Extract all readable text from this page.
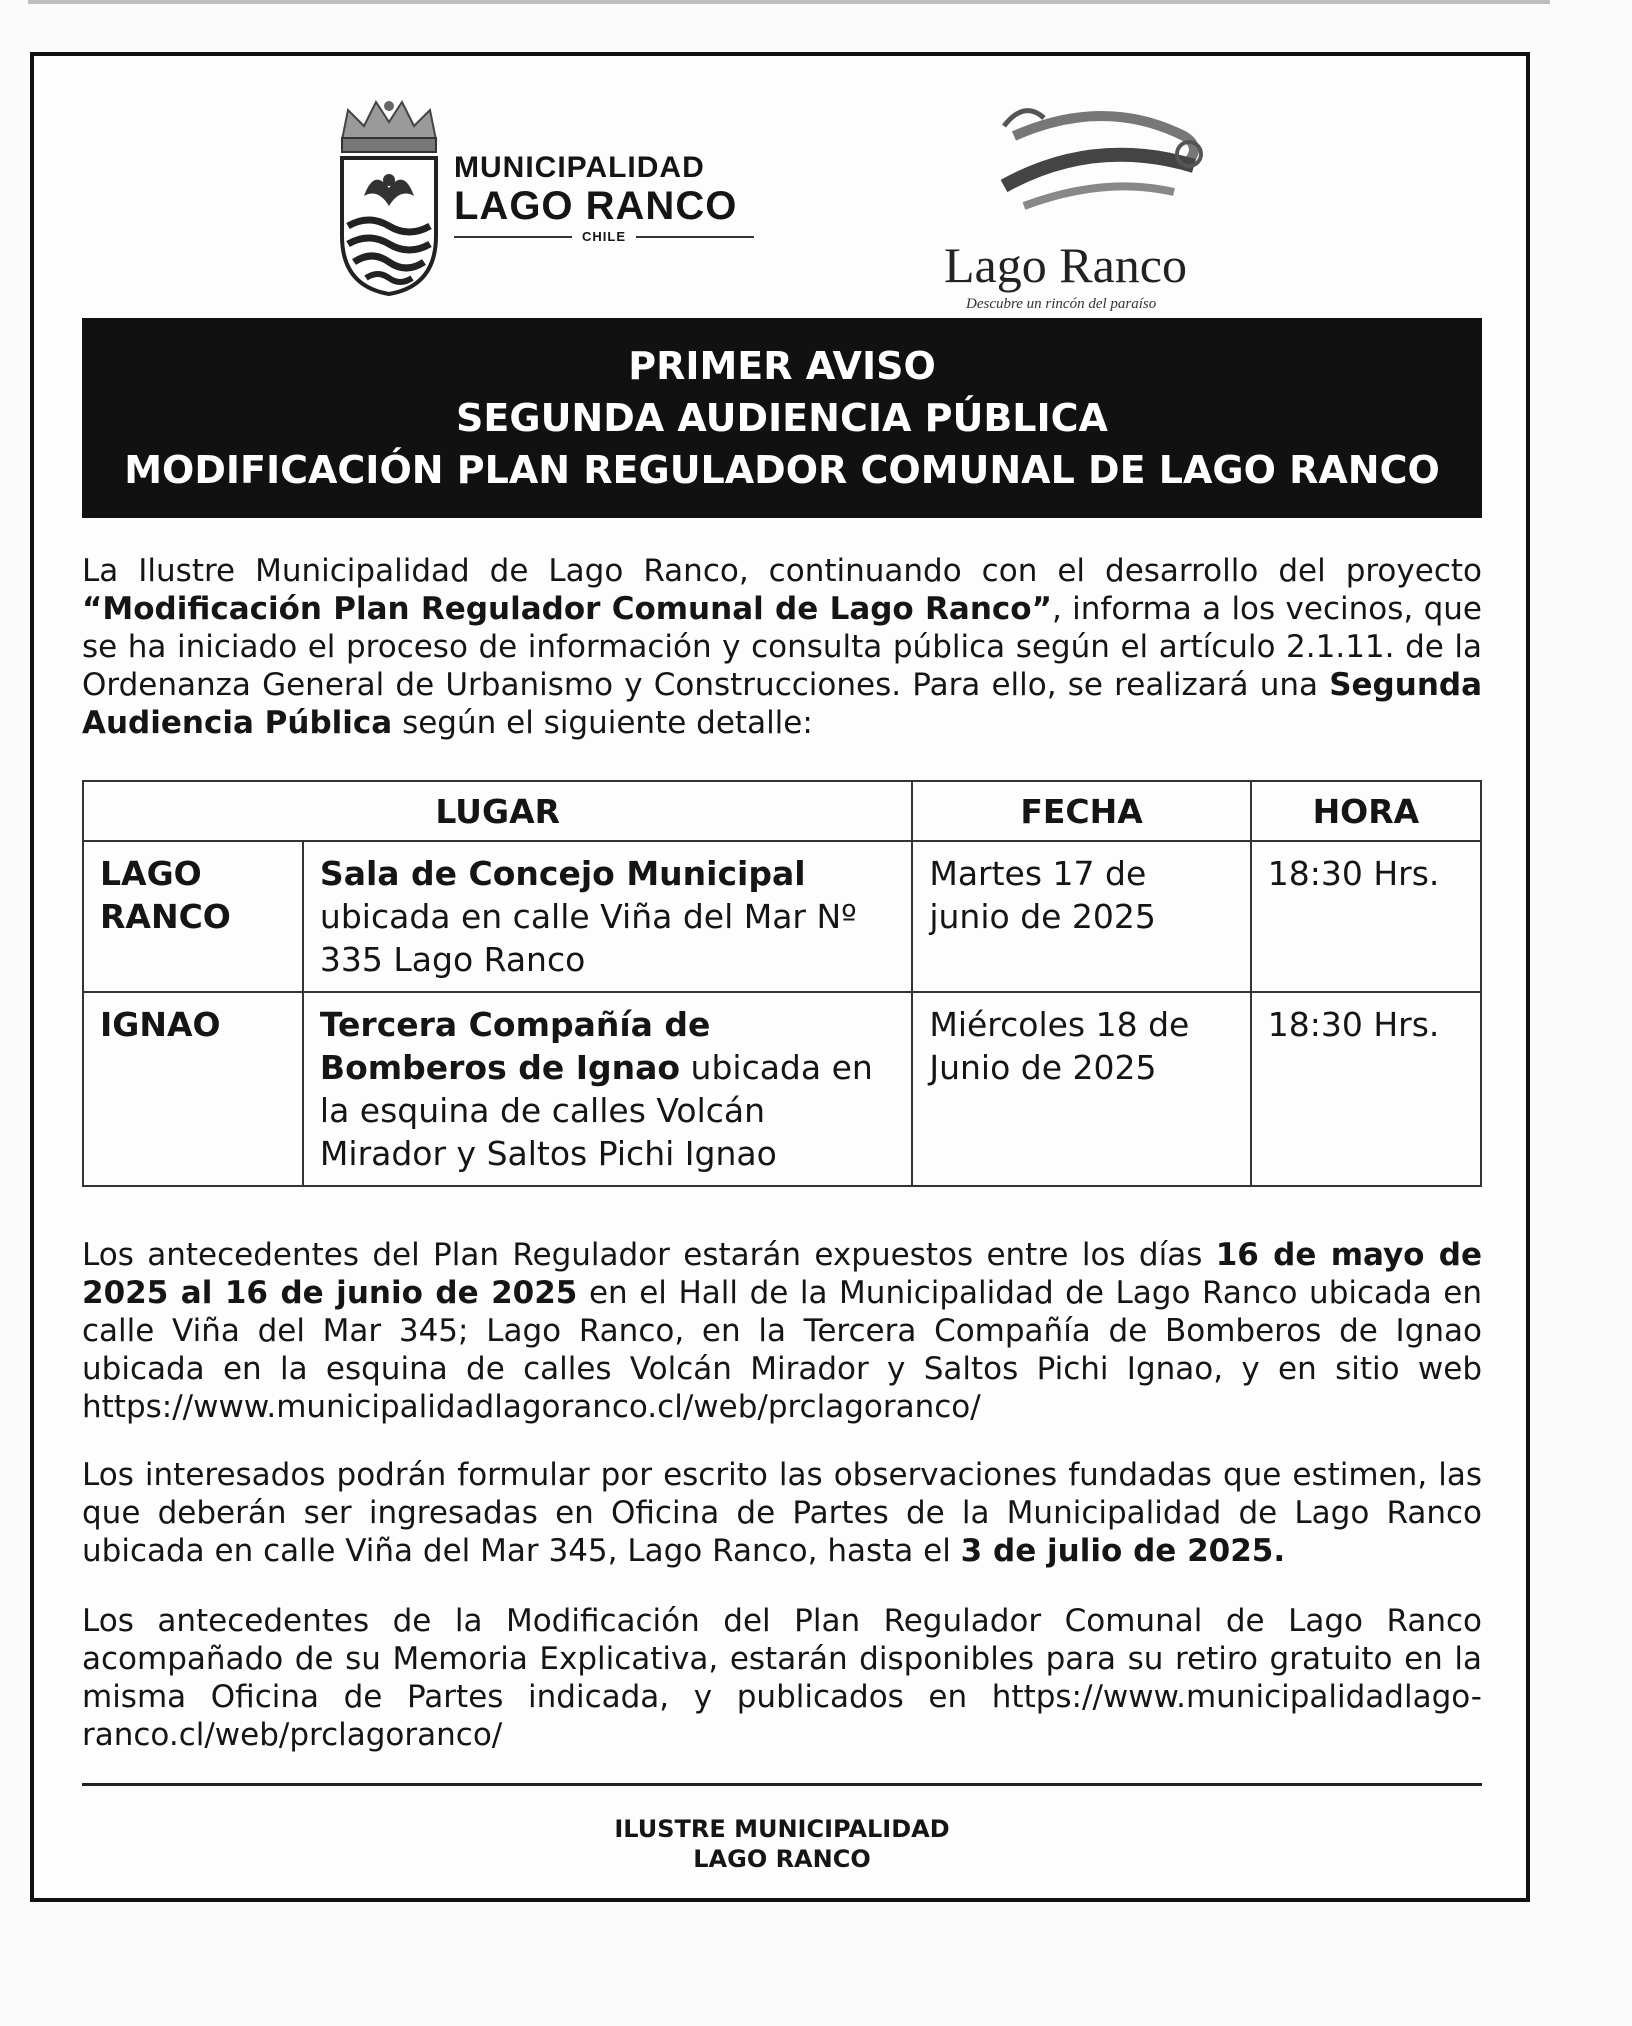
MUNICIPALIDAD
LAGO RANCO
CHILE
Lago Ranco
Descubre un rincón del paraíso
PRIMER AVISO
SEGUNDA AUDIENCIA PÚBLICA
MODIFICACIÓN PLAN REGULADOR COMUNAL DE LAGO RANCO

La Ilustre Municipalidad de Lago Ranco, continuando con el desarrollo del proyecto “Modificación Plan Regulador Comunal de Lago Ranco”, informa a los vecinos, que se ha iniciado el proceso de información y consulta pública según el artículo 2.1.11. de la Ordenanza General de Urbanismo y Construcciones. Para ello, se realizará una Segunda Audiencia Pública según el siguiente detalle:

LUGAR		FECHA	HORA
LAGO RANCO	Sala de Concejo Municipal ubicada en calle Viña del Mar Nº 335 Lago Ranco	Martes 17 de junio de 2025	18:30 Hrs.
IGNAO	Tercera Compañía de Bomberos de Ignao ubicada en la esquina de calles Volcán Mirador y Saltos Pichi Ignao	Miércoles 18 de Junio de 2025	18:30 Hrs.

Los antecedentes del Plan Regulador estarán expuestos entre los días 16 de mayo de 2025 al 16 de junio de 2025 en el Hall de la Municipalidad de Lago Ranco ubicada en calle Viña del Mar 345; Lago Ranco, en la Tercera Compañía de Bomberos de Ignao ubicada en la esquina de calles Volcán Mirador y Saltos Pichi Ignao, y en sitio web https://www.municipalidadlagoranco.cl/web/prclagoranco/

Los interesados podrán formular por escrito las observaciones fundadas que estimen, las que deberán ser ingresadas en Oficina de Partes de la Municipalidad de Lago Ranco ubicada en calle Viña del Mar 345, Lago Ranco, hasta el 3 de julio de 2025.

Los antecedentes de la Modificación del Plan Regulador Comunal de Lago Ranco acompañado de su Memoria Explicativa, estarán disponibles para su retiro gratuito en la misma Oficina de Partes indicada, y publicados en https://www.municipalidadlago-ranco.cl/web/prclagoranco/

ILUSTRE MUNICIPALIDAD
LAGO RANCO
